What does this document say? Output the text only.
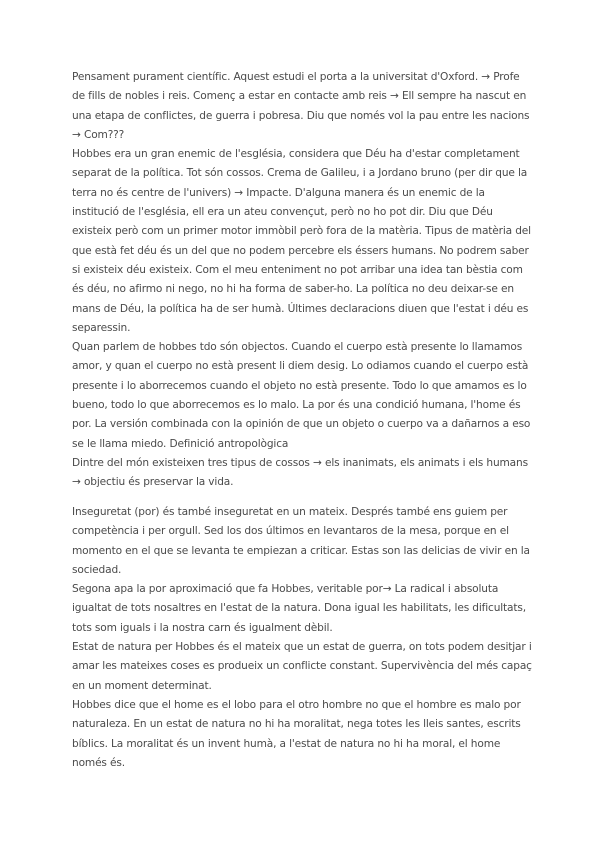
Pensament purament científic. Aquest estudi el porta a la universitat d'Oxford. → Profe de fills de nobles i reis. Començ a estar en contacte amb reis → Ell sempre ha nascut en una etapa de conflictes, de guerra i pobresa. Diu que només vol la pau entre les nacions → Com???

Hobbes era un gran enemic de l'església, considera que Déu ha d'estar completament separat de la política. Tot són cossos. Crema de Galileu, i a Jordano bruno (per dir que la terra no és centre de l'univers) → Impacte. D'alguna manera és un enemic de la institució de l'església, ell era un ateu convençut, però no ho pot dir. Diu que Déu existeix però com un primer motor immòbil però fora de la matèria. Tipus de matèria del que està fet déu és un del que no podem percebre els éssers humans. No podrem saber si existeix déu existeix. Com el meu enteniment no pot arribar una idea tan bèstia com és déu, no afirmo ni nego, no hi ha forma de saber-ho. La política no deu deixar-se en mans de Déu, la política ha de ser humà. Últimes declaracions diuen que l'estat i déu es separessin.

Quan parlem de hobbes tdo són objectos. Cuando el cuerpo està presente lo llamamos amor, y quan el cuerpo no està present li diem desig. Lo odiamos cuando el cuerpo està presente i lo aborrecemos cuando el objeto no està presente. Todo lo que amamos es lo bueno, todo lo que aborrecemos es lo malo. La por és una condició humana, l'home és por. La versión combinada con la opinión de que un objeto o cuerpo va a dañarnos a eso se le llama miedo. Definició antropològica

Dintre del món existeixen tres tipus de cossos → els inanimats, els animats i els humans → objectiu és preservar la vida.

Inseguretat (por) és també inseguretat en un mateix. Després també ens guiem per competència i per orgull. Sed los dos últimos en levantaros de la mesa, porque en el momento en el que se levanta te empiezan a criticar. Estas son las delicias de vivir en la sociedad.

Segona apa la por aproximació que fa Hobbes, veritable por→ La radical i absoluta igualtat de tots nosaltres en l'estat de la natura. Dona igual les habilitats, les dificultats, tots som iguals i la nostra carn és igualment dèbil.

Estat de natura per Hobbes és el mateix que un estat de guerra, on tots podem desitjar i amar les mateixes coses es produeix un conflicte constant. Supervivència del més capaç en un moment determinat.

Hobbes dice que el home es el lobo para el otro hombre no que el hombre es malo por naturaleza. En un estat de natura no hi ha moralitat, nega totes les lleis santes, escrits bíblics. La moralitat és un invent humà, a l'estat de natura no hi ha moral, el home només és.
